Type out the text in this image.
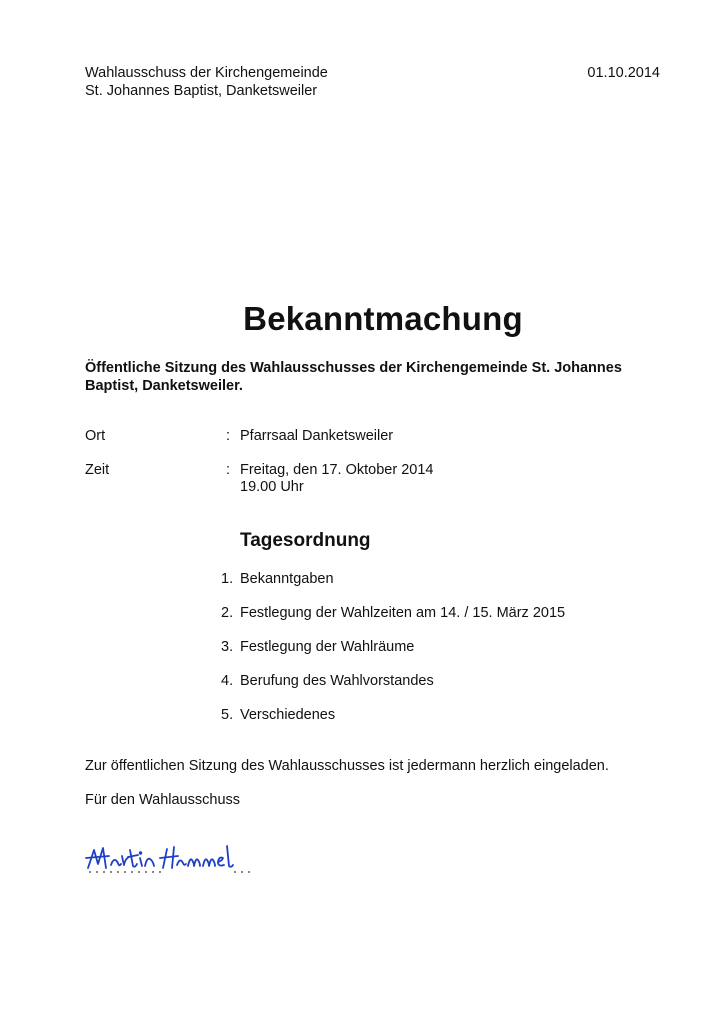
Wahlausschuss der Kirchengemeinde
St. Johannes Baptist, Danketsweiler
01.10.2014
Bekanntmachung
Öffentliche Sitzung des Wahlausschusses der Kirchengemeinde St. Johannes Baptist, Danketsweiler.
Ort	: Pfarrsaal Danketsweiler
Zeit	: Freitag, den 17. Oktober 2014
19.00 Uhr
Tagesordnung
1. Bekanntgaben
2. Festlegung der Wahlzeiten am 14. / 15. März 2015
3. Festlegung der Wahlräume
4. Berufung des Wahlvorstandes
5. Verschiedenes
Zur öffentlichen Sitzung des Wahlausschusses ist jedermann herzlich eingeladen.
Für den Wahlausschuss
